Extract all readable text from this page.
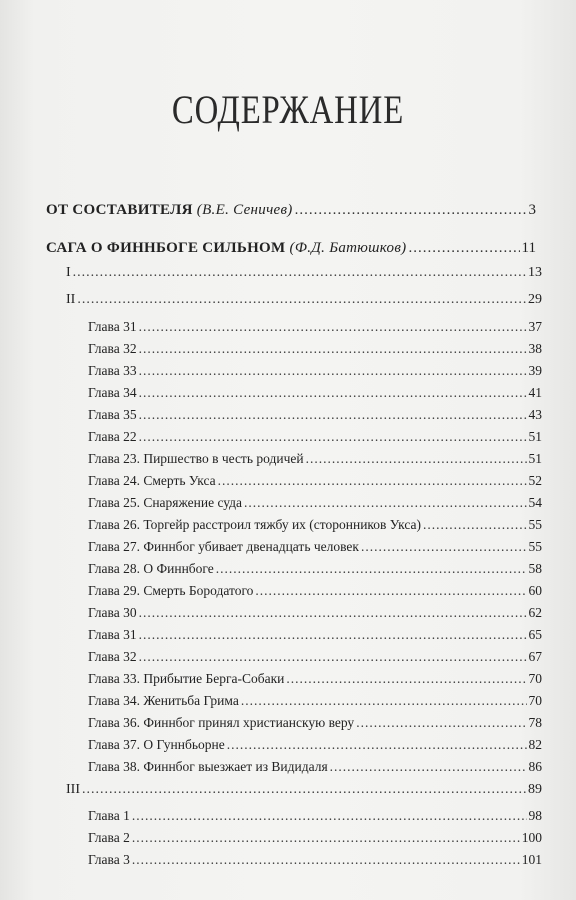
СОДЕРЖАНИЕ
ОТ СОСТАВИТЕЛЯ (В.Е. Сеничев) .....	3
САГА О ФИННБОГЕ СИЛЬНОМ (Ф.Д. Батюшков) .....	11
I .....	13
II .....	29
Глава 31 .....	37
Глава 32 .....	38
Глава 33 .....	39
Глава 34 .....	41
Глава 35 .....	43
Глава 22 .....	51
Глава 23. Пиршество в честь родичей .....	51
Глава 24. Смерть Укса .....	52
Глава 25. Снаряжение суда .....	54
Глава 26. Торгейр расстроил тяжбу их (сторонников Укса) .....	55
Глава 27. Финнбог убивает двенадцать человек .....	55
Глава 28. О Финнбоге .....	58
Глава 29. Смерть Бородатого .....	60
Глава 30 .....	62
Глава 31 .....	65
Глава 32 .....	67
Глава 33. Прибытие Берга-Собаки .....	70
Глава 34. Женитьба Грима .....	70
Глава 36. Финнбог принял христианскую веру .....	78
Глава 37. О Гуннбьорне .....	82
Глава 38. Финнбог выезжает из Видидаля .....	86
III .....	89
Глава 1 .....	98
Глава 2 .....	100
Глава 3 .....	101
